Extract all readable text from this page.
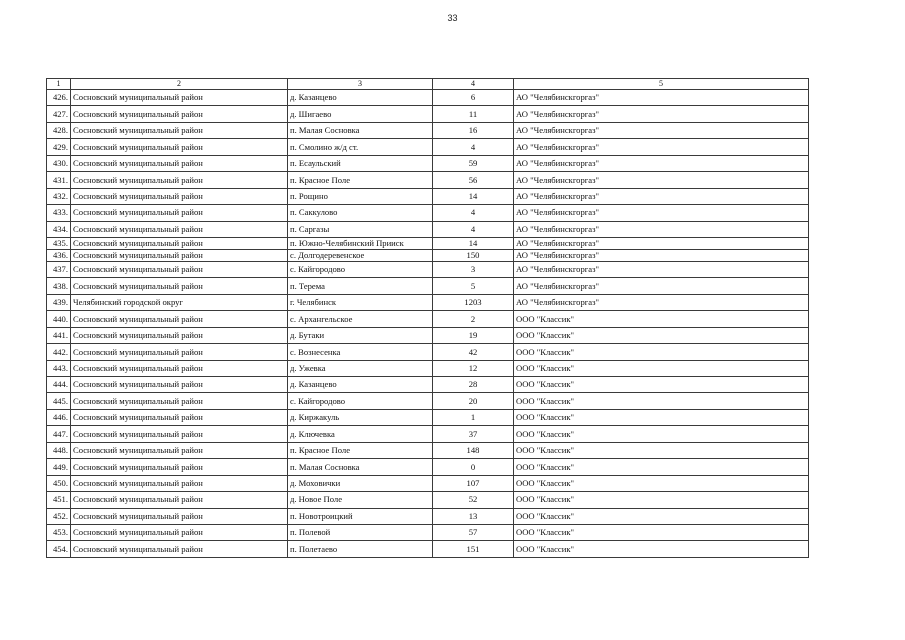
33
1	2	3	4	5
426.	Сосновский муниципальный район	д. Казанцево	6	АО "Челябинскгоргаз"
427.	Сосновский муниципальный район	д. Шигаево	11	АО "Челябинскгоргаз"
428.	Сосновский муниципальный район	п. Малая Сосновка	16	АО "Челябинскгоргаз"
429.	Сосновский муниципальный район	п. Смолино ж/д ст.	4	АО "Челябинскгоргаз"
430.	Сосновский муниципальный район	п. Есаульский	59	АО "Челябинскгоргаз"
431.	Сосновский муниципальный район	п. Красное Поле	56	АО "Челябинскгоргаз"
432.	Сосновский муниципальный район	п. Рощино	14	АО "Челябинскгоргаз"
433.	Сосновский муниципальный район	п. Саккулово	4	АО "Челябинскгоргаз"
434.	Сосновский муниципальный район	п. Саргазы	4	АО "Челябинскгоргаз"
435.	Сосновский муниципальный район	п. Южно-Челябинский Прииск	14	АО "Челябинскгоргаз"
436.	Сосновский муниципальный район	с. Долгодеревенское	150	АО "Челябинскгоргаз"
437.	Сосновский муниципальный район	с. Кайгородово	3	АО "Челябинскгоргаз"
438.	Сосновский муниципальный район	п. Терема	5	АО "Челябинскгоргаз"
439.	Челябинский городской округ	г. Челябинск	1203	АО "Челябинскгоргаз"
440.	Сосновский муниципальный район	с. Архангельское	2	ООО "Классик"
441.	Сосновский муниципальный район	д. Бутаки	19	ООО "Классик"
442.	Сосновский муниципальный район	с. Вознесенка	42	ООО "Классик"
443.	Сосновский муниципальный район	д. Ужевка	12	ООО "Классик"
444.	Сосновский муниципальный район	д. Казанцево	28	ООО "Классик"
445.	Сосновский муниципальный район	с. Кайгородово	20	ООО "Классик"
446.	Сосновский муниципальный район	д. Киржакуль	1	ООО "Классик"
447.	Сосновский муниципальный район	д. Ключевка	37	ООО "Классик"
448.	Сосновский муниципальный район	п. Красное Поле	148	ООО "Классик"
449.	Сосновский муниципальный район	п. Малая Сосновка	0	ООО "Классик"
450.	Сосновский муниципальный район	д. Моховички	107	ООО "Классик"
451.	Сосновский муниципальный район	д. Новое Поле	52	ООО "Классик"
452.	Сосновский муниципальный район	п. Новотроицкий	13	ООО "Классик"
453.	Сосновский муниципальный район	п. Полевой	57	ООО "Классик"
454.	Сосновский муниципальный район	п. Полетаево	151	ООО "Классик"
